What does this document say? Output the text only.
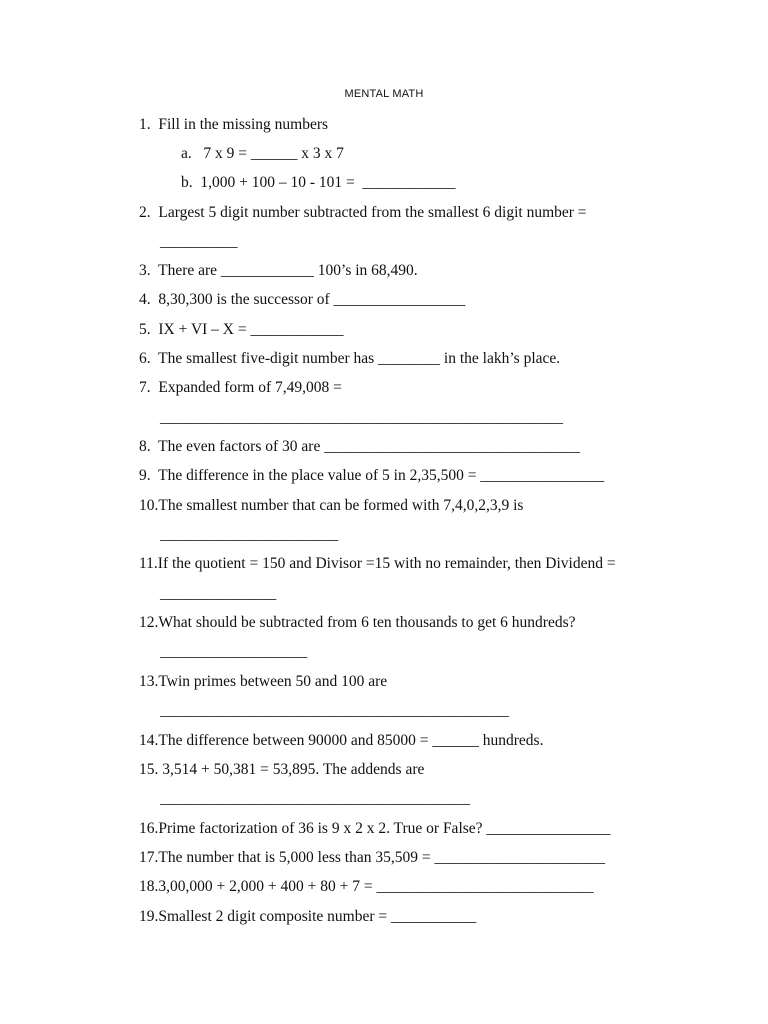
MENTAL MATH
1.  Fill in the missing numbers
a.   7 x 9 = ______ x 3 x 7
b.  1,000 + 100 – 10 - 101 =  ____________
2.  Largest 5 digit number subtracted from the smallest 6 digit number =
__________
3.  There are ____________ 100’s in 68,490.
4.  8,30,300 is the successor of _________________
5.  IX + VI – X = ____________
6.  The smallest five-digit number has ________ in the lakh’s place.
7.  Expanded form of 7,49,008 =
____________________________________________________
8.  The even factors of 30 are _________________________________
9.  The difference in the place value of 5 in 2,35,500 = ________________
10.The smallest number that can be formed with 7,4,0,2,3,9 is
_______________________
11.If the quotient = 150 and Divisor =15 with no remainder, then Dividend =
_______________
12.What should be subtracted from 6 ten thousands to get 6 hundreds?
___________________
13.Twin primes between 50 and 100 are
_____________________________________________
14.The difference between 90000 and 85000 = ______ hundreds.
15. 3,514 + 50,381 = 53,895. The addends are
________________________________________
16.Prime factorization of 36 is 9 x 2 x 2. True or False? ________________
17.The number that is 5,000 less than 35,509 = ______________________
18.3,00,000 + 2,000 + 400 + 80 + 7 = ____________________________
19.Smallest 2 digit composite number = ___________
